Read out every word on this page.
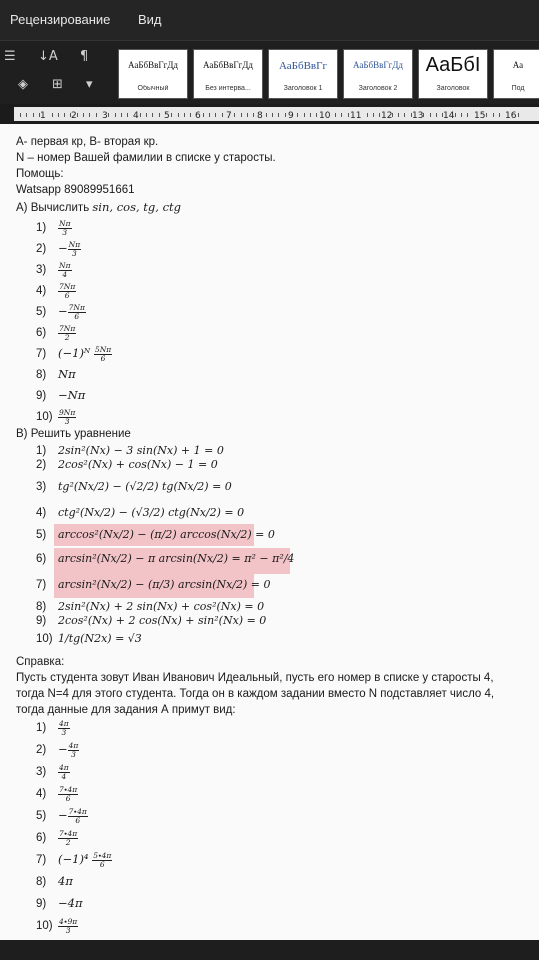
Рецензирование Вид
☰ ↓A ¶
◈ ⊞ ▾
АаБбВвГгДд
Обычный
АаБбВвГгДд
Без интерва...
АаБбВвГг
Заголовок 1
АаБбВвГгДд
Заголовок 2
АаБбI
Заголовок
Аа
Под
1	2	3	4	5	6	7	8	9	10 11 12 13 14 15 16
А- первая кр, В- вторая кр.
N – номер Вашей фамилии в списке у старосты.
Помощь:
Watsapp 89089951661
А) Вычислить sin, cos, tg, ctg
$1) \frac{N\pi}{3}$
$2) - \frac{N\pi}{3}$
$3) \frac{N\pi}{4}$
$4) \frac{7N\pi}{6}$
$5) - \frac{7N\pi}{6}$
$6) \frac{7N\pi}{2}$
7) (−1)ᴺ $\frac{5N\pi}{6}$
8) Nπ
9) −Nπ
$10) \frac{9N\pi}{3}$
В) Решить уравнение
1) 2sin²(Nx) − 3 sin(Nx) + 1 = 0
2) 2cos²(Nx) + cos(Nx) − 1 = 0
3) tg²(Nx/2) − (√2/2) tg(Nx/2) = 0
4) ctg²(Nx/2) − (√3/2) ctg(Nx/2) = 0
5) arccos²(Nx/2) − (π/2) arccos(Nx/2) = 0
6) arcsin²(Nx/2) − π arcsin(Nx/2) = π² − π²/4
7) arcsin²(Nx/2) − (π/3) arcsin(Nx/2) = 0
8) 2sin²(Nx) + 2 sin(Nx) + cos²(Nx) = 0
9) 2cos²(Nx) + 2 cos(Nx) + sin²(Nx) = 0
10) 1/tg(N2x) = √3
Справка:
Пусть студента зовут Иван Иванович Идеальный, пусть его номер в списке у старосты 4,
тогда N=4 для этого студента. Тогда он в каждом задании вместо N подставляет число 4,
тогда данные для задания А примут вид:
$1) \frac{4\pi}{3}$
$2) - \frac{4\pi}{3}$
$3) \frac{4\pi}{4}$
$4) \frac{7\cdot 4\pi}{6}$
$5) - \frac{7\cdot 4\pi}{6}$
$6) \frac{7\cdot 4\pi}{2}$
7) $(-1)^4 \frac{5\cdot 4\pi}{6}$
8) 4π
9) −4π
$10) \frac{4\cdot 9\pi}{3}$
